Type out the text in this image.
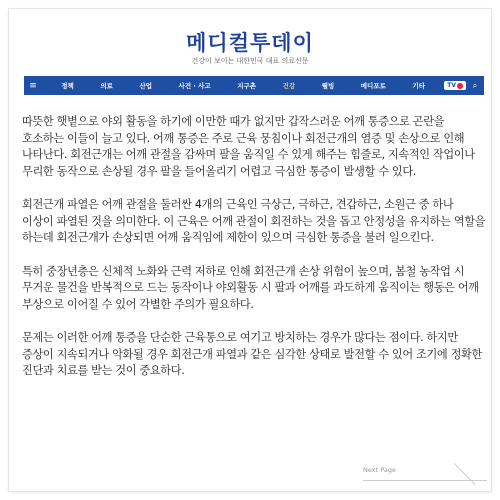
메디컬투데이
건강이 보이는 대한민국 대표 의료신문
≡	정책	의료	산업	사건 · 사고	지구촌	건강	웰빙	메디포토	기타	TV	⌕

따뜻한 햇볕으로 야외 활동을 하기에 이만한 때가 없지만 갑작스러운 어깨 통증으로 곤란을 호소하는 이들이 늘고 있다. 어깨 통증은 주로 근육 뭉침이나 회전근개의 염증 및 손상으로 인해 나타난다. 회전근개는 어깨 관절을 감싸며 팔을 움직일 수 있게 해주는 힘줄로, 지속적인 작업이나 무리한 동작으로 손상될 경우 팔을 들어올리기 어렵고 극심한 통증이 발생할 수 있다.

회전근개 파열은 어깨 관절을 둘러싼 4개의 근육인 극상근, 극하근, 견갑하근, 소원근 중 하나 이상이 파열된 것을 의미한다. 이 근육은 어깨 관절이 회전하는 것을 돕고 안정성을 유지하는 역할을 하는데 회전근개가 손상되면 어깨 움직임에 제한이 있으며 극심한 통증을 불러 일으킨다.

특히 중장년층은 신체적 노화와 근력 저하로 인해 회전근개 손상 위험이 높으며, 봄철 농작업 시 무거운 물건을 반복적으로 드는 동작이나 야외활동 시 팔과 어깨를 과도하게 움직이는 행동은 어깨 부상으로 이어질 수 있어 각별한 주의가 필요하다.

문제는 이러한 어깨 통증을 단순한 근육통으로 여기고 방치하는 경우가 많다는 점이다. 하지만 증상이 지속되거나 악화될 경우 회전근개 파열과 같은 심각한 상태로 발전할 수 있어 조기에 정확한 진단과 치료를 받는 것이 중요하다.

Next Page
